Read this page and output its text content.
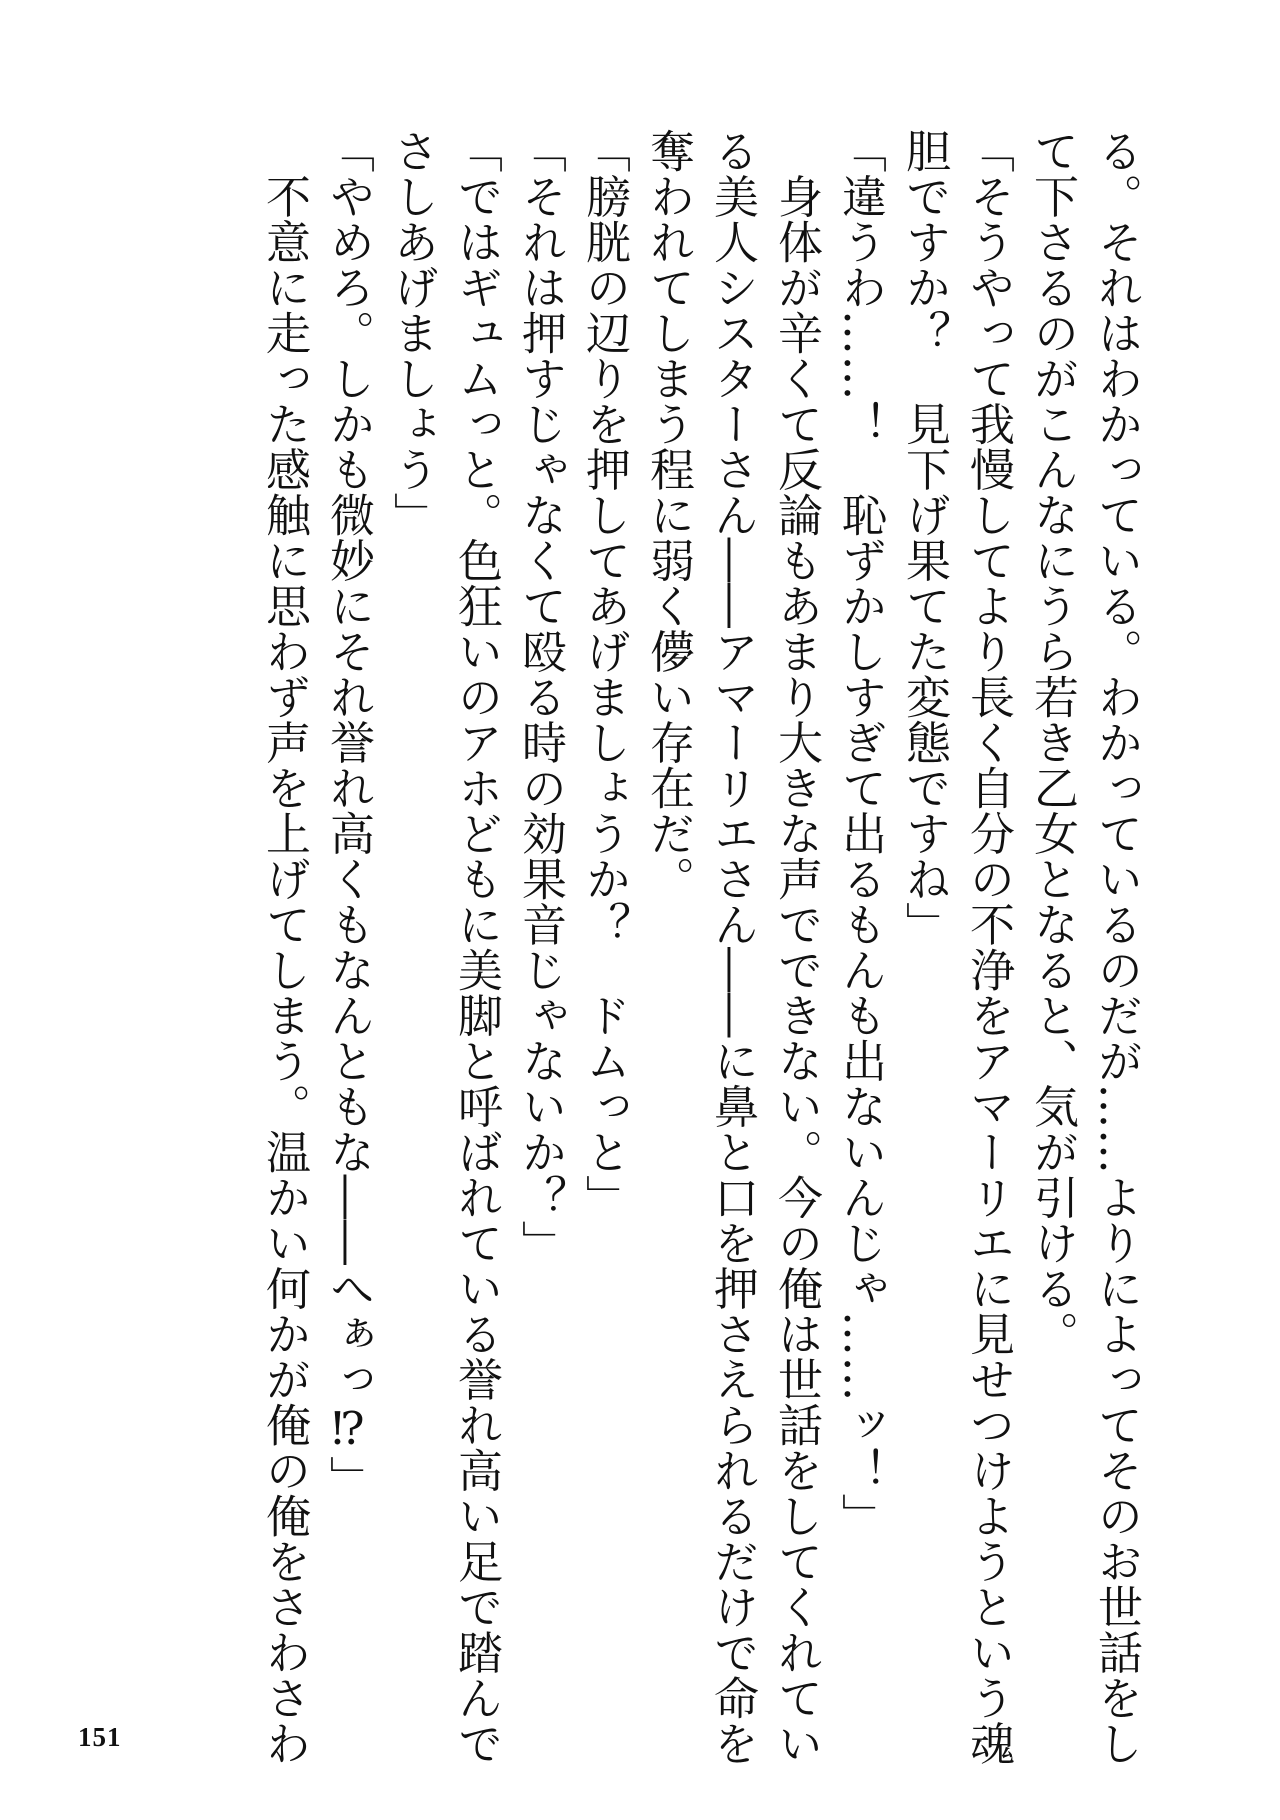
る。それはわかっている。わかっているのだが……よりによってそのお世話をし
て下さるのがこんなにうら若き乙女となると、気が引ける。
「そうやって我慢してより長く自分の不浄をアマーリエに見せつけようという魂
胆ですか？　見下げ果てた変態ですね」
「違うわ……！　恥ずかしすぎて出るもんも出ないんじゃ……ッ！」
　身体が辛くて反論もあまり大きな声でできない。今の俺は世話をしてくれてい
る美人シスターさん――アマーリエさん――に鼻と口を押さえられるだけで命を
奪われてしまう程に弱く儚い存在だ。
「膀胱の辺りを押してあげましょうか？　ドムっと」
「それは押すじゃなくて殴る時の効果音じゃないか？」
「ではギュムっと。色狂いのアホどもに美脚と呼ばれている誉れ高い足で踏んで
さしあげましょう」
「やめろ。しかも微妙にそれ誉れ高くもなんともな――へぁっ⁉」
　不意に走った感触に思わず声を上げてしまう。温かい何かが俺の俺をさわさわ
151
